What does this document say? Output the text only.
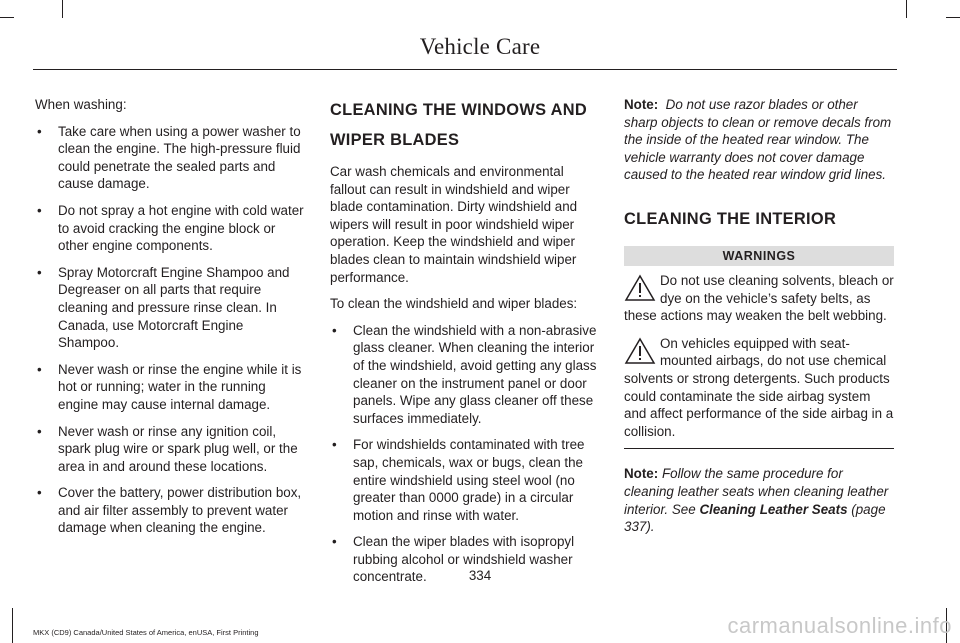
Vehicle Care

When washing:

• Take care when using a power washer to clean the engine. The high-pressure fluid could penetrate the sealed parts and cause damage.
• Do not spray a hot engine with cold water to avoid cracking the engine block or other engine components.
• Spray Motorcraft Engine Shampoo and Degreaser on all parts that require cleaning and pressure rinse clean. In Canada, use Motorcraft Engine Shampoo.
• Never wash or rinse the engine while it is hot or running; water in the running engine may cause internal damage.
• Never wash or rinse any ignition coil, spark plug wire or spark plug well, or the area in and around these locations.
• Cover the battery, power distribution box, and air filter assembly to prevent water damage when cleaning the engine.
CLEANING THE WINDOWS AND
WIPER BLADES

Car wash chemicals and environmental fallout can result in windshield and wiper blade contamination. Dirty windshield and wipers will result in poor windshield wiper operation. Keep the windshield and wiper blades clean to maintain windshield wiper performance.

To clean the windshield and wiper blades:

• Clean the windshield with a non-abrasive glass cleaner. When cleaning the interior of the windshield, avoid getting any glass cleaner on the instrument panel or door panels. Wipe any glass cleaner off these surfaces immediately.
• For windshields contaminated with tree sap, chemicals, wax or bugs, clean the entire windshield using steel wool (no greater than 0000 grade) in a circular motion and rinse with water.
• Clean the wiper blades with isopropyl rubbing alcohol or windshield washer concentrate.

Note: Do not use razor blades or other sharp objects to clean or remove decals from the inside of the heated rear window. The vehicle warranty does not cover damage caused to the heated rear window grid lines.

CLEANING THE INTERIOR
WARNINGS
Do not use cleaning solvents, bleach or dye on the vehicle’s safety belts, as these actions may weaken the belt webbing.
On vehicles equipped with seat-mounted airbags, do not use chemical solvents or strong detergents. Such products could contaminate the side airbag system and affect performance of the side airbag in a collision.

Note: Follow the same procedure for cleaning leather seats when cleaning leather interior. See Cleaning Leather Seats (page 337).

334
MKX (CD9) Canada/United States of America, enUSA, First Printing	carmanualsonline.info
